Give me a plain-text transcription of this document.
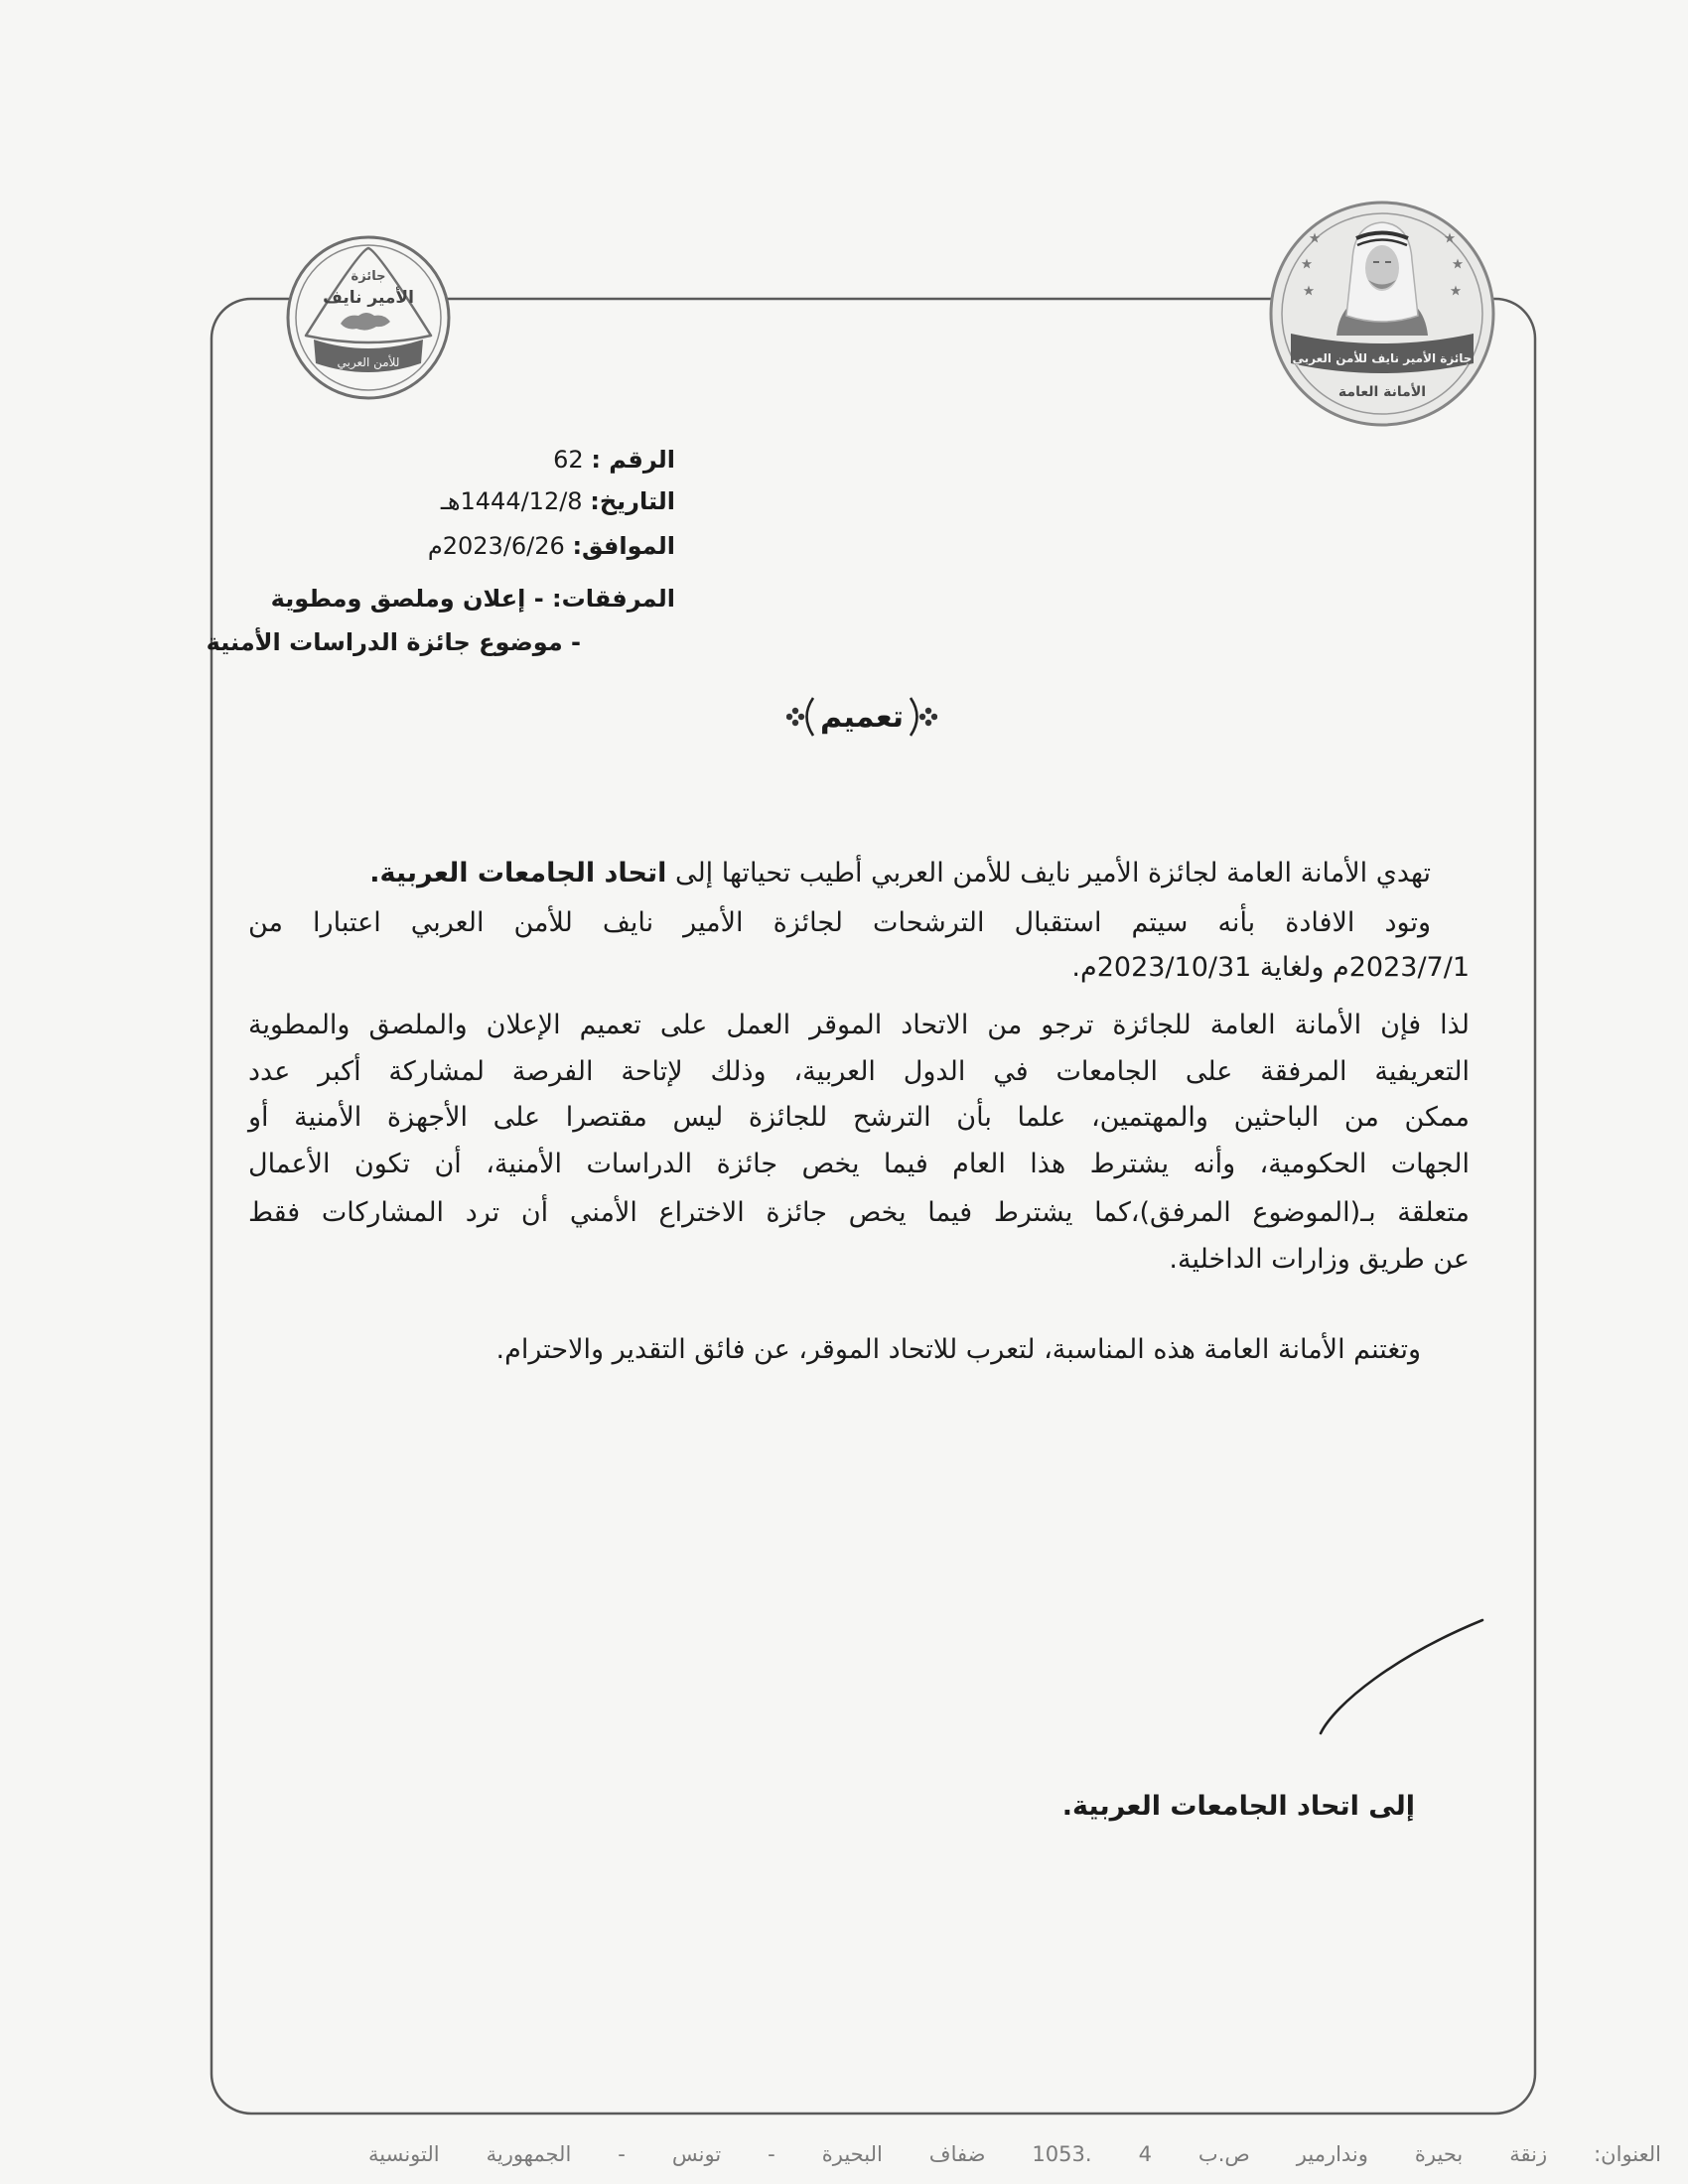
جائزة
الأمير نايف
للأمن العربي	جائزة الأمير نايف للأمن العربي
الأمانة العامة
الرقم : 62
التاريخ: 1444/12/8هـ
الموافق: 2023/6/26م
المرفقات: - إعلان وملصق ومطوية
- موضوع جائزة الدراسات الأمنية
تعميم
تهدي الأمانة العامة لجائزة الأمير نايف للأمن العربي أطيب تحياتها إلى اتحاد الجامعات العربية.
وتود الافادة بأنه سيتم استقبال الترشحات لجائزة الأمير نايف للأمن العربي اعتبارا من
2023/7/1م ولغاية 2023/10/31م.
لذا فإن الأمانة العامة للجائزة ترجو من الاتحاد الموقر العمل على تعميم الإعلان والملصق والمطوية
التعريفية المرفقة على الجامعات في الدول العربية، وذلك لإتاحة الفرصة لمشاركة أكبر عدد
ممكن من الباحثين والمهتمين، علما بأن الترشح للجائزة ليس مقتصرا على الأجهزة الأمنية أو
الجهات الحكومية، وأنه يشترط هذا العام فيما يخص جائزة الدراسات الأمنية، أن تكون الأعمال
متعلقة بـ(الموضوع المرفق)،كما يشترط فيما يخص جائزة الاختراع الأمني أن ترد المشاركات فقط
عن طريق وزارات الداخلية.
وتغتنم الأمانة العامة هذه المناسبة، لتعرب للاتحاد الموقر، عن فائق التقدير والاحترام.
إلى اتحاد الجامعات العربية.
العنوان: زنقة بحيرة وندارمير ص.ب 4 .1053 ضفاف البحيرة - تونس - الجمهورية التونسية
